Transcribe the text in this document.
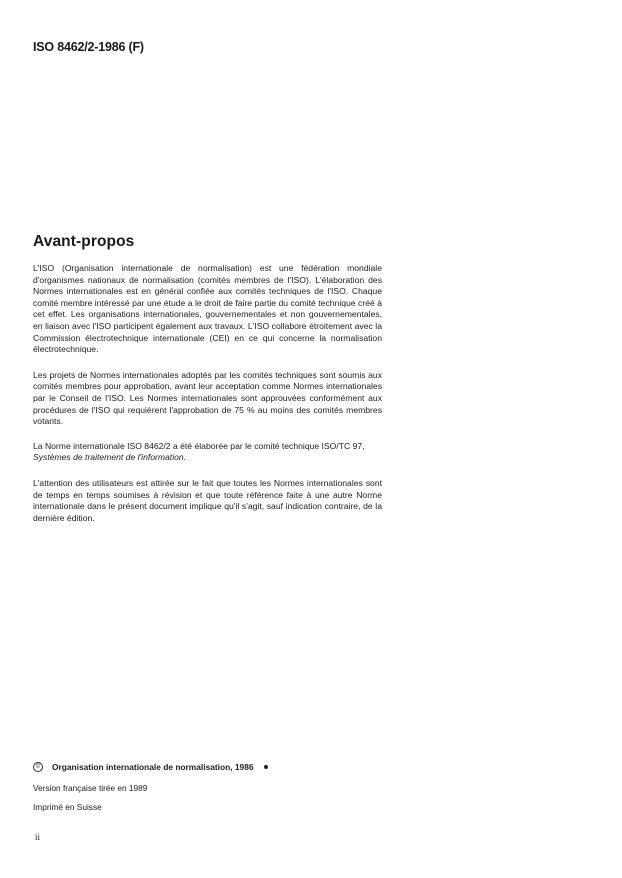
ISO 8462/2-1986 (F)
Avant-propos

L'ISO (Organisation internationale de normalisation) est une fédération mondiale d'organismes nationaux de normalisation (comités membres de l'ISO). L'élaboration des Normes internationales est en général confiée aux comités techniques de l'ISO. Chaque comité membre intéressé par une étude a le droit de faire partie du comité technique créé à cet effet. Les organisations internationales, gouvernementales et non gouvernementales, en liaison avec l'ISO participent également aux travaux. L'ISO collabore étroitement avec la Commission électrotechnique internationale (CEI) en ce qui concerne la normalisation électrotechnique.

Les projets de Normes internationales adoptés par les comités techniques sont soumis aux comités membres pour approbation, avant leur acceptation comme Normes internationales par le Conseil de l'ISO. Les Normes internationales sont approuvées conformément aux procédures de l'ISO qui requièrent l'approbation de 75 % au moins des comités membres votants.

La Norme internationale ISO 8462/2 a été élaborée par le comité technique ISO/TC 97,
Systèmes de traitement de l'information.

L'attention des utilisateurs est attirée sur le fait que toutes les Normes internationales sont de temps en temps soumises à révision et que toute référence faite à une autre Norme internationale dans le présent document implique qu'il s'agit, sauf indication contraire, de la dernière édition.

©	Organisation internationale de normalisation, 1986
Version française tirée en 1989
Imprimé en Suisse
ii
